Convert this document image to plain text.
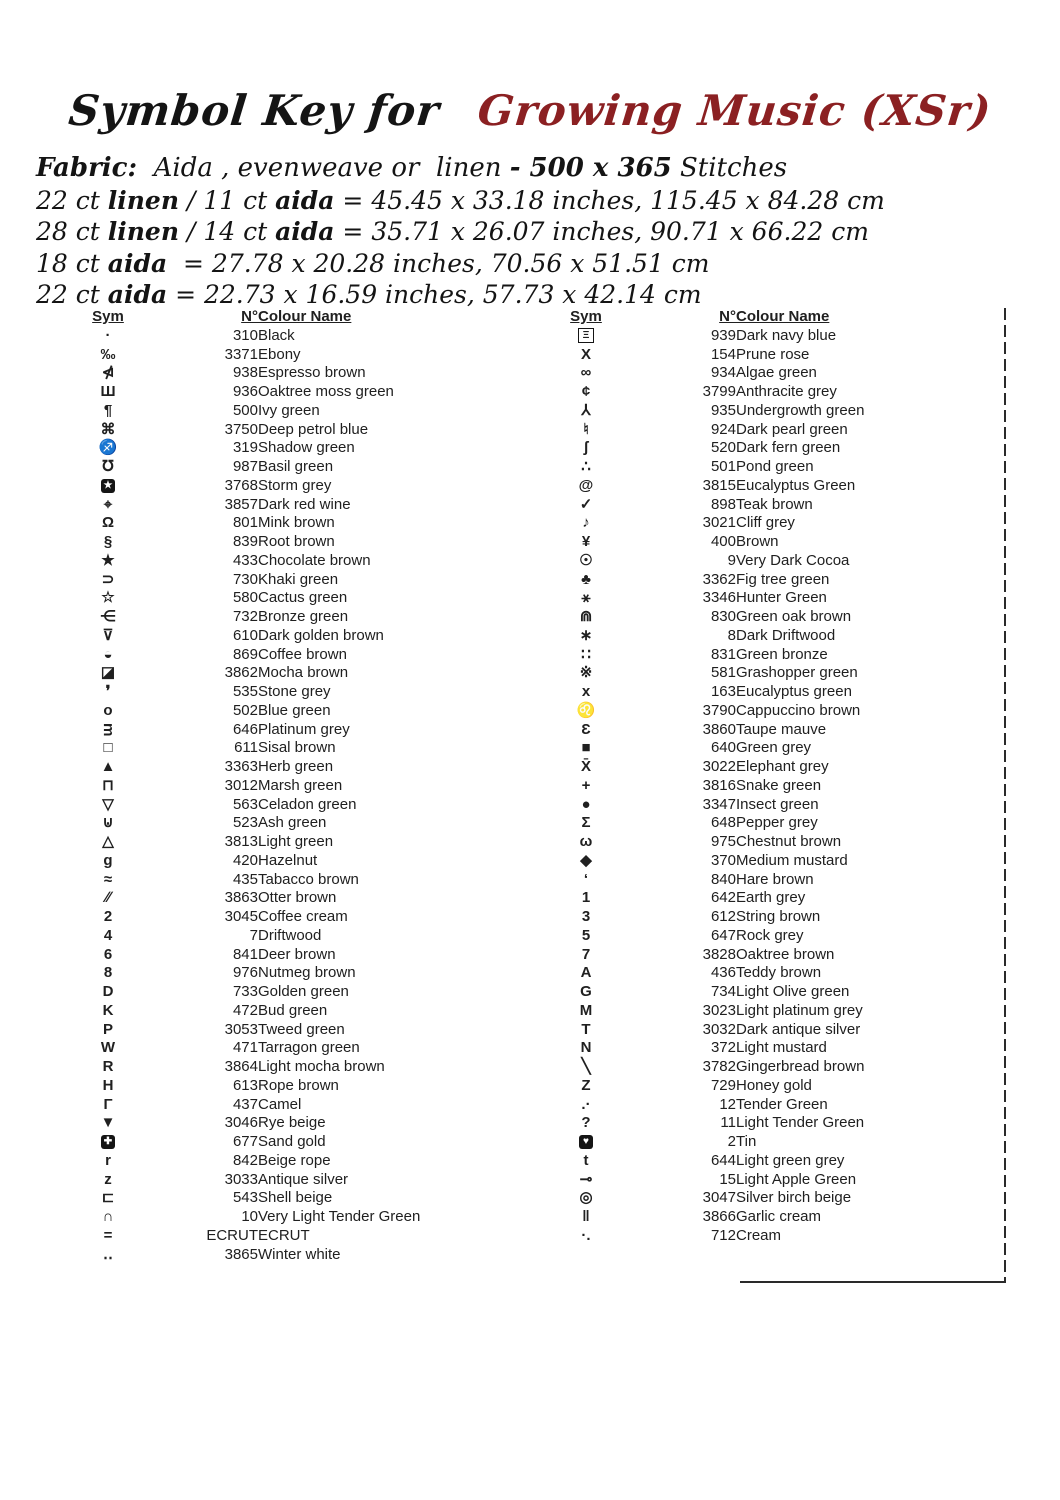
Symbol Key for Growing Music (XSr)
Fabric:  Aida , evenweave or  linen - 500 x 365 Stitches
22 ct linen / 11 ct aida = 45.45 x 33.18 inches, 115.45 x 84.28 cm
28 ct linen / 14 ct aida = 35.71 x 26.07 inches, 90.71 x 66.22 cm
18 ct aida  = 27.78 x 20.28 inches, 70.56 x 51.51 cm
22 ct aida = 22.73 x 16.59 inches, 57.73 x 42.14 cm
Sym	N°	Colour Name
·	310	Black
‰	3371	Ebony
⋪	938	Espresso brown
Ш	936	Oaktree moss green
¶	500	Ivy green
⌘	3750	Deep petrol blue
♐	319	Shadow green
℧	987	Basil green
★	3768	Storm grey
⌖	3857	Dark red wine
Ω	801	Mink brown
§	839	Root brown
★	433	Chocolate brown
⊃	730	Khaki green
☆	580	Cactus green
⋲	732	Bronze green
⊽	610	Dark golden brown
◒	869	Coffee brown
◪	3862	Mocha brown
❜	535	Stone grey
o	502	Blue green
ᴟ	646	Platinum grey
□	611	Sisal brown
▲	3363	Herb green
⊓	3012	Marsh green
▽	563	Celadon green
⊍	523	Ash green
△	3813	Light green
g	420	Hazelnut
≈	435	Tabacco brown
∕∕	3863	Otter brown
2	3045	Coffee cream
4	7	Driftwood
6	841	Deer brown
8	976	Nutmeg brown
D	733	Golden green
K	472	Bud green
P	3053	Tweed green
W	471	Tarragon green
R	3864	Light mocha brown
H	613	Rope brown
Γ	437	Camel
▼	3046	Rye beige
✚	677	Sand gold
r	842	Beige rope
z	3033	Antique silver
⊏	543	Shell beige
∩	10	Very Light Tender Green
=	ECRUT	ECRUT
‥	3865	Winter white
Sym	N°	Colour Name
Ξ	939	Dark navy blue
X	154	Prune rose
∞	934	Algae green
¢	3799	Anthracite grey
⅄	935	Undergrowth green
♮	924	Dark pearl green
ʃ	520	Dark fern green
∴	501	Pond green
@	3815	Eucalyptus Green
✓	898	Teak brown
♪	3021	Cliff grey
¥	400	Brown
☉	9	Very Dark Cocoa
♣	3362	Fig tree green
⚹	3346	Hunter Green
⋒	830	Green oak brown
∗	8	Dark Driftwood
∷	831	Green bronze
※	581	Grashopper green
x	163	Eucalyptus green
♌	3790	Cappuccino brown
Ɛ	3860	Taupe mauve
■	640	Green grey
X̄	3022	Elephant grey
+	3816	Snake green
●	3347	Insect green
Σ	648	Pepper grey
ω	975	Chestnut brown
◆	370	Medium mustard
‘	840	Hare brown
1	642	Earth grey
3	612	String brown
5	647	Rock grey
7	3828	Oaktree brown
A	436	Teddy brown
G	734	Light Olive green
M	3023	Light platinum grey
T	3032	Dark antique silver
N	372	Light mustard
╲	3782	Gingerbread brown
Z	729	Honey gold
.·	12	Tender Green
?	11	Light Tender Green
♥	2	Tin
t	644	Light green grey
⊸	15	Light Apple Green
◎	3047	Silver birch beige
‖	3866	Garlic cream
·.	712	Cream
